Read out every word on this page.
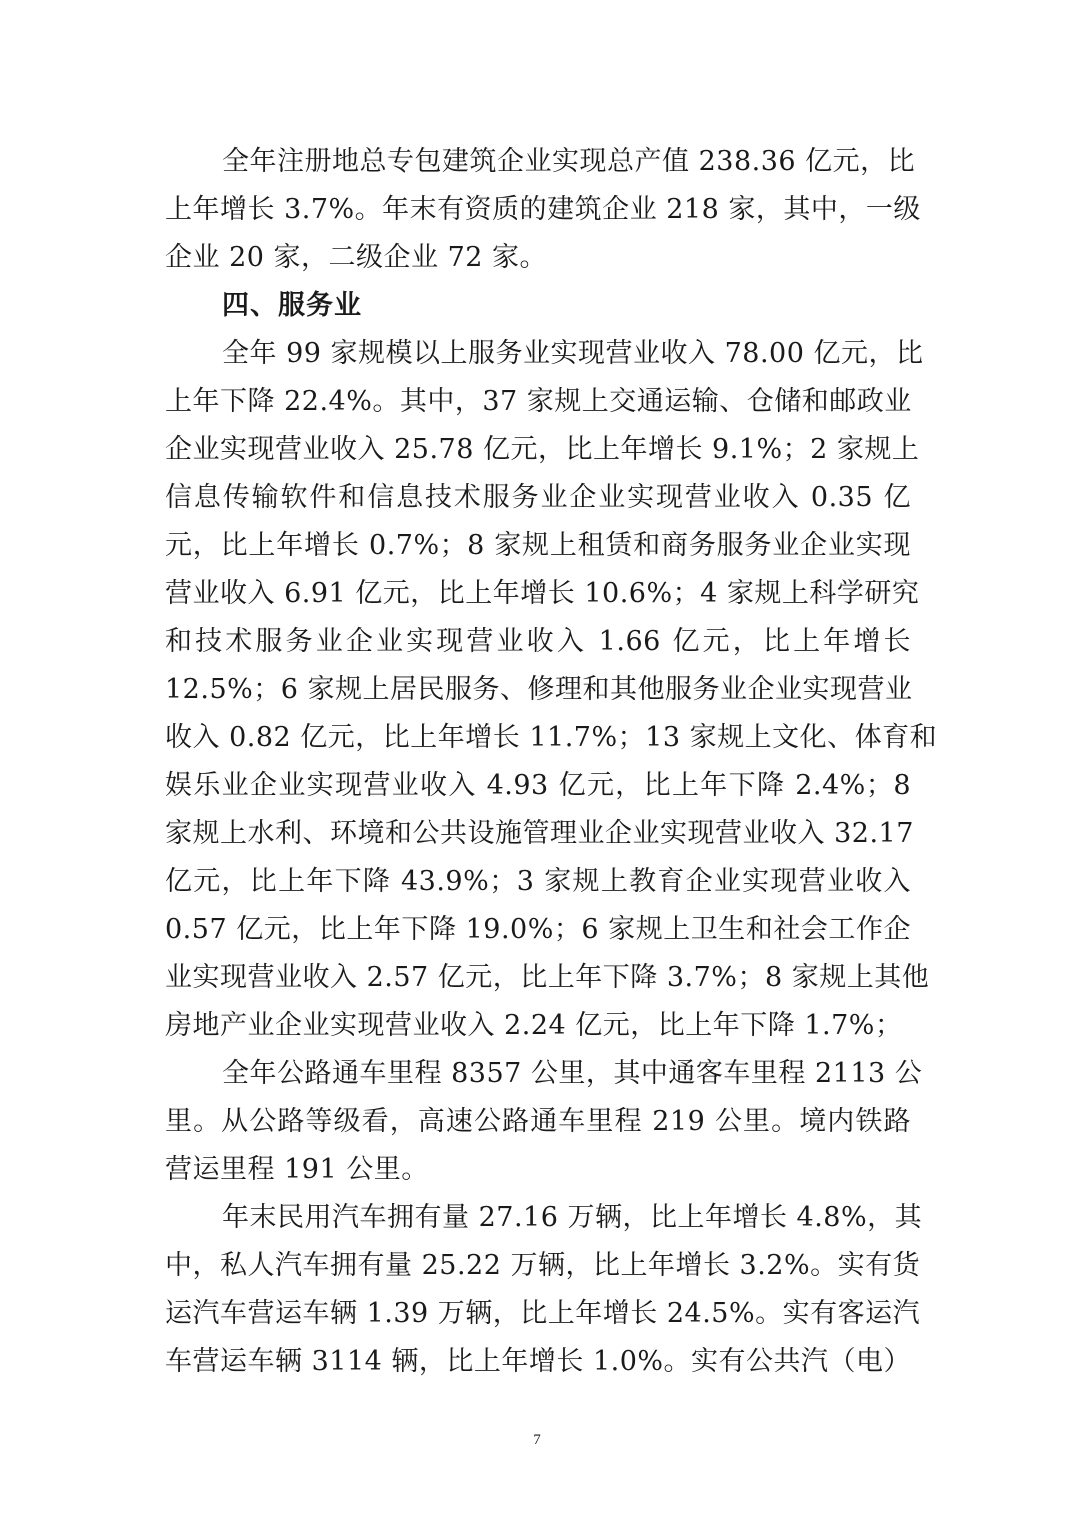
全年注册地总专包建筑企业实现总产值 238.36 亿元，比
上年增长 3.7%。年末有资质的建筑企业 218 家，其中，一级
企业 20 家，二级企业 72 家。
四、服务业
全年 99 家规模以上服务业实现营业收入 78.00 亿元，比
上年下降 22.4%。其中，37 家规上交通运输、仓储和邮政业
企业实现营业收入 25.78 亿元，比上年增长 9.1%；2 家规上
信息传输软件和信息技术服务业企业实现营业收入 0.35 亿
元，比上年增长 0.7%；8 家规上租赁和商务服务业企业实现
营业收入 6.91 亿元，比上年增长 10.6%；4 家规上科学研究
和技术服务业企业实现营业收入 1.66 亿元，比上年增长
12.5%；6 家规上居民服务、修理和其他服务业企业实现营业
收入 0.82 亿元，比上年增长 11.7%；13 家规上文化、体育和
娱乐业企业实现营业收入 4.93 亿元，比上年下降 2.4%；8
家规上水利、环境和公共设施管理业企业实现营业收入 32.17
亿元，比上年下降 43.9%；3 家规上教育企业实现营业收入
0.57 亿元，比上年下降 19.0%；6 家规上卫生和社会工作企
业实现营业收入 2.57 亿元，比上年下降 3.7%；8 家规上其他
房地产业企业实现营业收入 2.24 亿元，比上年下降 1.7%；
全年公路通车里程 8357 公里，其中通客车里程 2113 公
里。从公路等级看，高速公路通车里程 219 公里。境内铁路
营运里程 191 公里。
年末民用汽车拥有量 27.16 万辆，比上年增长 4.8%，其
中，私人汽车拥有量 25.22 万辆，比上年增长 3.2%。实有货
运汽车营运车辆 1.39 万辆，比上年增长 24.5%。实有客运汽
车营运车辆 3114 辆，比上年增长 1.0%。实有公共汽（电）
7
